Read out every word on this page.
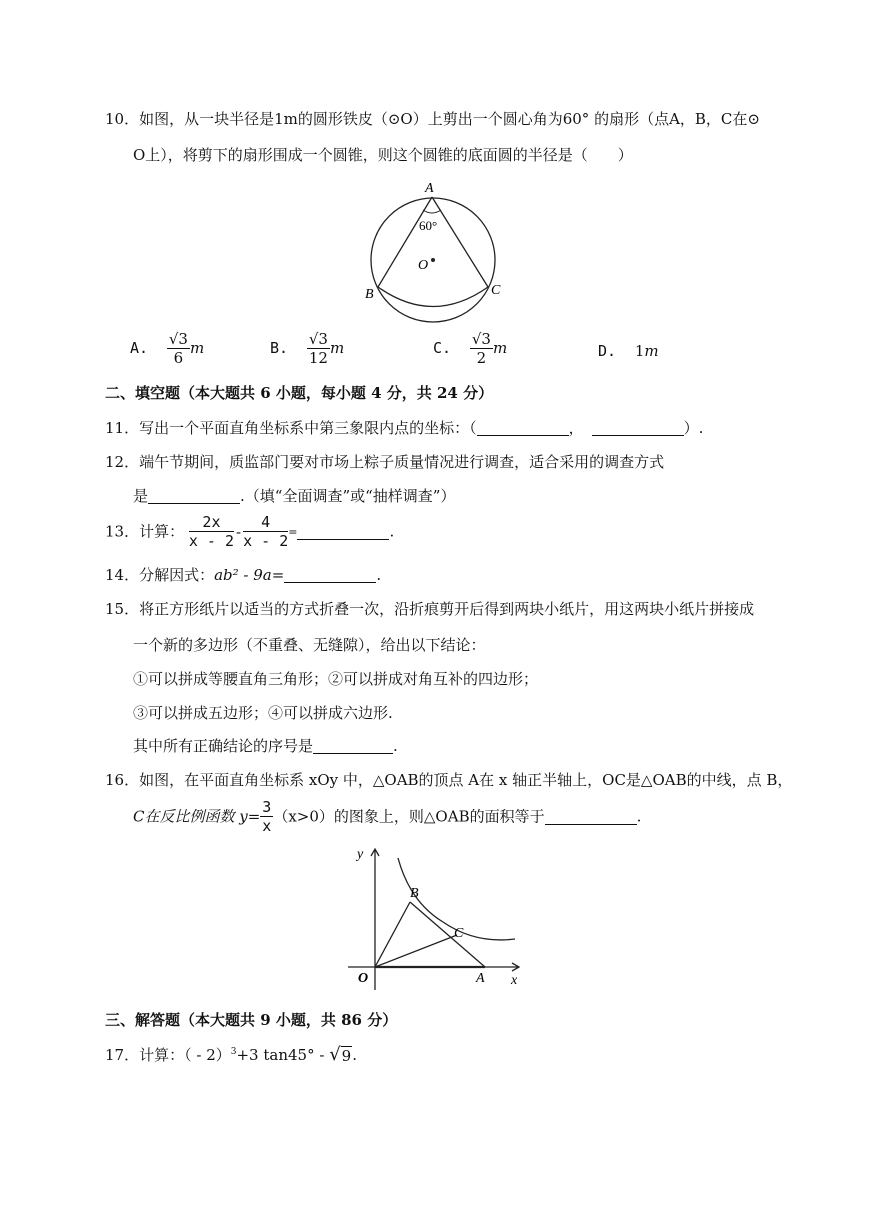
10．如图，从一块半径是1m的圆形铁皮（⊙O）上剪出一个圆心角为60° 的扇形（点A，B，C在⊙
O上），将剪下的扇形围成一个圆锥，则这个圆锥的底面圆的半径是（　　）
A
60°
O
B	C
A. $\frac{√3}{6}$ m	B. $\frac{√3}{12}$ m	C. $\frac{√3}{2}$ m	D. 1m
二、填空题（本大题共 6 小题，每小题 4 分，共 24 分）
11．写出一个平面直角坐标系中第三象限内点的坐标：（	，	）.
12．端午节期间，质监部门要对市场上粽子质量情况进行调查，适合采用的调查方式
是	.（填“全面调查”或“抽样调查”）
13．计算： $\frac{2x}{x - 2} - \frac{4}{x - 2}$ =	.
14．分解因式：ab² - 9a=	.
15．将正方形纸片以适当的方式折叠一次，沿折痕剪开后得到两块小纸片，用这两块小纸片拼接成
一个新的多边形（不重叠、无缝隙），给出以下结论：
①可以拼成等腰直角三角形；②可以拼成对角互补的四边形；
③可以拼成五边形；④可以拼成六边形.
其中所有正确结论的序号是	.
16．如图，在平面直角坐标系 xOy 中，△OAB的顶点 A在 x 轴正半轴上，OC是△OAB的中线，点 B，
C在反比例函数 $y= \frac{3}{x} (x>0)$的图象上，则△OAB的面积等于	.
y
B
C
O	A x
三、解答题（本大题共 9 小题，共 86 分）
17．计算：（ - 2）$^3$+3 tan45° - √ 9 .
